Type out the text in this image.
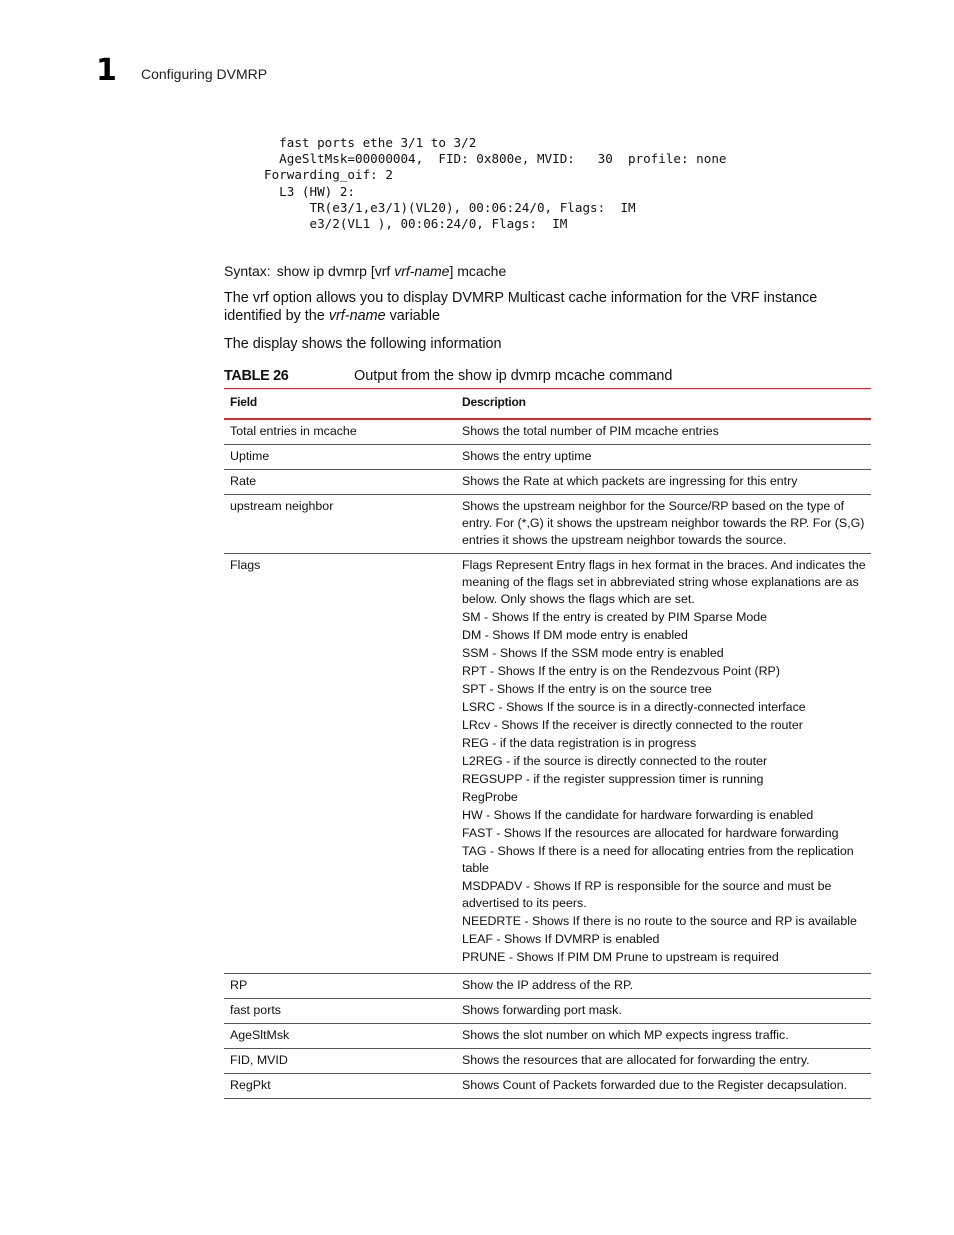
1 Configuring DVMRP
fast ports ethe 3/1 to 3/2
AgeSltMsk=00000004,  FID: 0x800e, MVID:   30  profile: none
Forwarding_oif: 2
L3 (HW) 2:
TR(e3/1,e3/1)(VL20), 00:06:24/0, Flags:  IM
e3/2(VL1 ), 00:06:24/0, Flags:  IM
Syntax: show ip dvmrp [vrf vrf-name] mcache
The vrf option allows you to display DVMRP Multicast cache information for the VRF instance identified by the vrf-name variable
The display shows the following information
TABLE 26	Output from the show ip dvmrp mcache command
Field	Description
Total entries in mcache	Shows the total number of PIM mcache entries
Uptime	Shows the entry uptime
Rate	Shows the Rate at which packets are ingressing for this entry
upstream neighbor	Shows the upstream neighbor for the Source/RP based on the type of entry. For (*,G) it shows the upstream neighbor towards the RP. For (S,G) entries it shows the upstream neighbor towards the source.
Flags	Flags Represent Entry flags in hex format in the braces. And indicates the meaning of the flags set in abbreviated string whose explanations are as below. Only shows the flags which are set.
SM - Shows If the entry is created by PIM Sparse Mode
DM - Shows If DM mode entry is enabled
SSM - Shows If the SSM mode entry is enabled
RPT - Shows If the entry is on the Rendezvous Point (RP)
SPT - Shows If the entry is on the source tree
LSRC - Shows If the source is in a directly-connected interface
LRcv - Shows If the receiver is directly connected to the router
REG - if the data registration is in progress
L2REG - if the source is directly connected to the router
REGSUPP - if the register suppression timer is running
RegProbe
HW - Shows If the candidate for hardware forwarding is enabled
FAST - Shows If the resources are allocated for hardware forwarding
TAG - Shows If there is a need for allocating entries from the replication table
MSDPADV - Shows If RP is responsible for the source and must be advertised to its peers.
NEEDRTE - Shows If there is no route to the source and RP is available
LEAF - Shows If DVMRP is enabled
PRUNE - Shows If PIM DM Prune to upstream is required
RP	Show the IP address of the RP.
fast ports	Shows forwarding port mask.
AgeSltMsk	Shows the slot number on which MP expects ingress traffic.
FID, MVID	Shows the resources that are allocated for forwarding the entry.
RegPkt	Shows Count of Packets forwarded due to the Register decapsulation.
